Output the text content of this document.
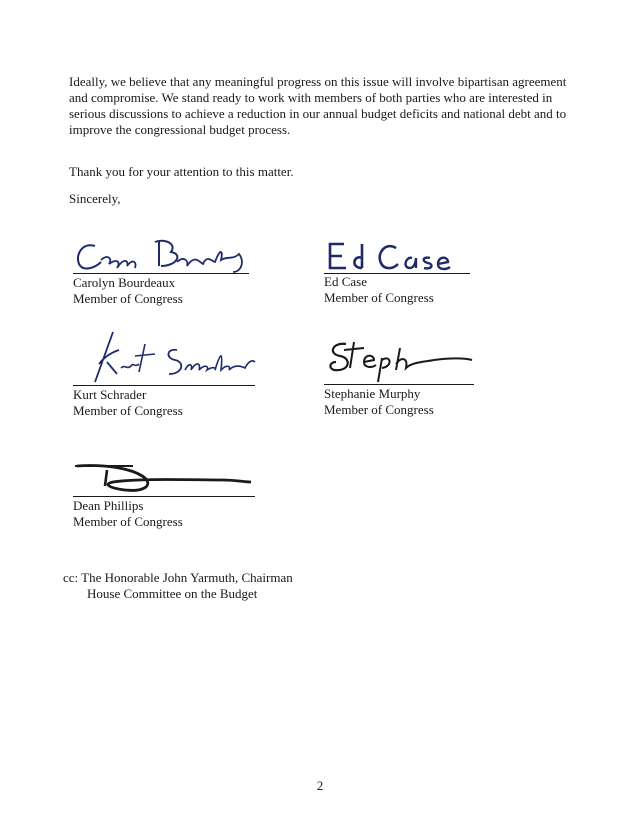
Ideally, we believe that any meaningful progress on this issue will involve bipartisan agreement and compromise. We stand ready to work with members of both parties who are interested in serious discussions to achieve a reduction in our annual budget deficits and national debt and to improve the congressional budget process.

Thank you for your attention to this matter.

Sincerely,

Carolyn Bourdeaux
Member of Congress
Ed Case
Member of Congress
Kurt Schrader
Member of Congress
Stephanie Murphy
Member of Congress
Dean Phillips
Member of Congress
cc: The Honorable John Yarmuth, Chairman
House Committee on the Budget
2
